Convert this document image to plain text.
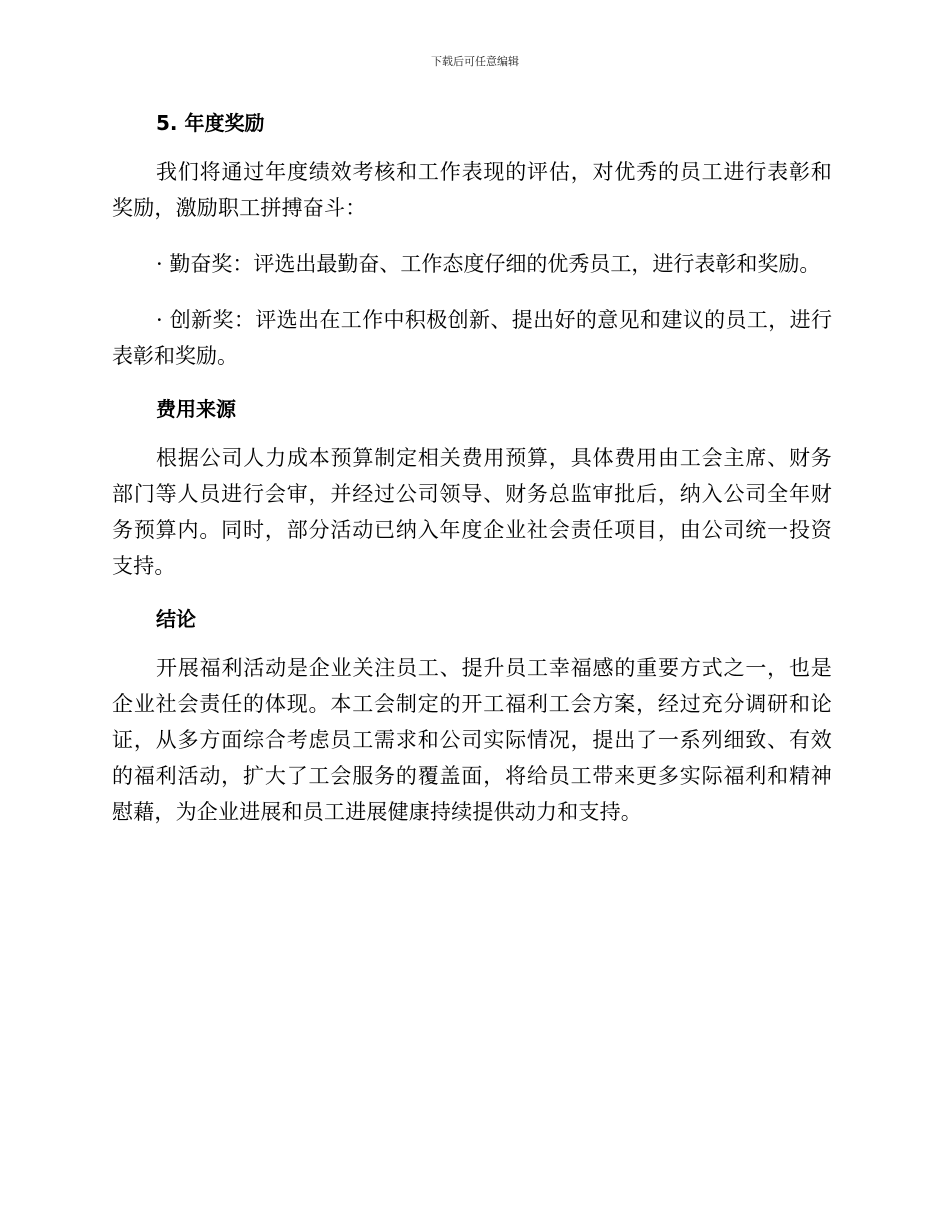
下载后可任意编辑
5. 年度奖励

我们将通过年度绩效考核和工作表现的评估，对优秀的员工进行表彰和奖励，激励职工拼搏奋斗：

· 勤奋奖：评选出最勤奋、工作态度仔细的优秀员工，进行表彰和奖励。

· 创新奖：评选出在工作中积极创新、提出好的意见和建议的员工，进行表彰和奖励。

费用来源

根据公司人力成本预算制定相关费用预算，具体费用由工会主席、财务部门等人员进行会审，并经过公司领导、财务总监审批后，纳入公司全年财务预算内。同时，部分活动已纳入年度企业社会责任项目，由公司统一投资支持。

结论

开展福利活动是企业关注员工、提升员工幸福感的重要方式之一，也是企业社会责任的体现。本工会制定的开工福利工会方案，经过充分调研和论证，从多方面综合考虑员工需求和公司实际情况，提出了一系列细致、有效的福利活动，扩大了工会服务的覆盖面，将给员工带来更多实际福利和精神慰藉，为企业进展和员工进展健康持续提供动力和支持。
